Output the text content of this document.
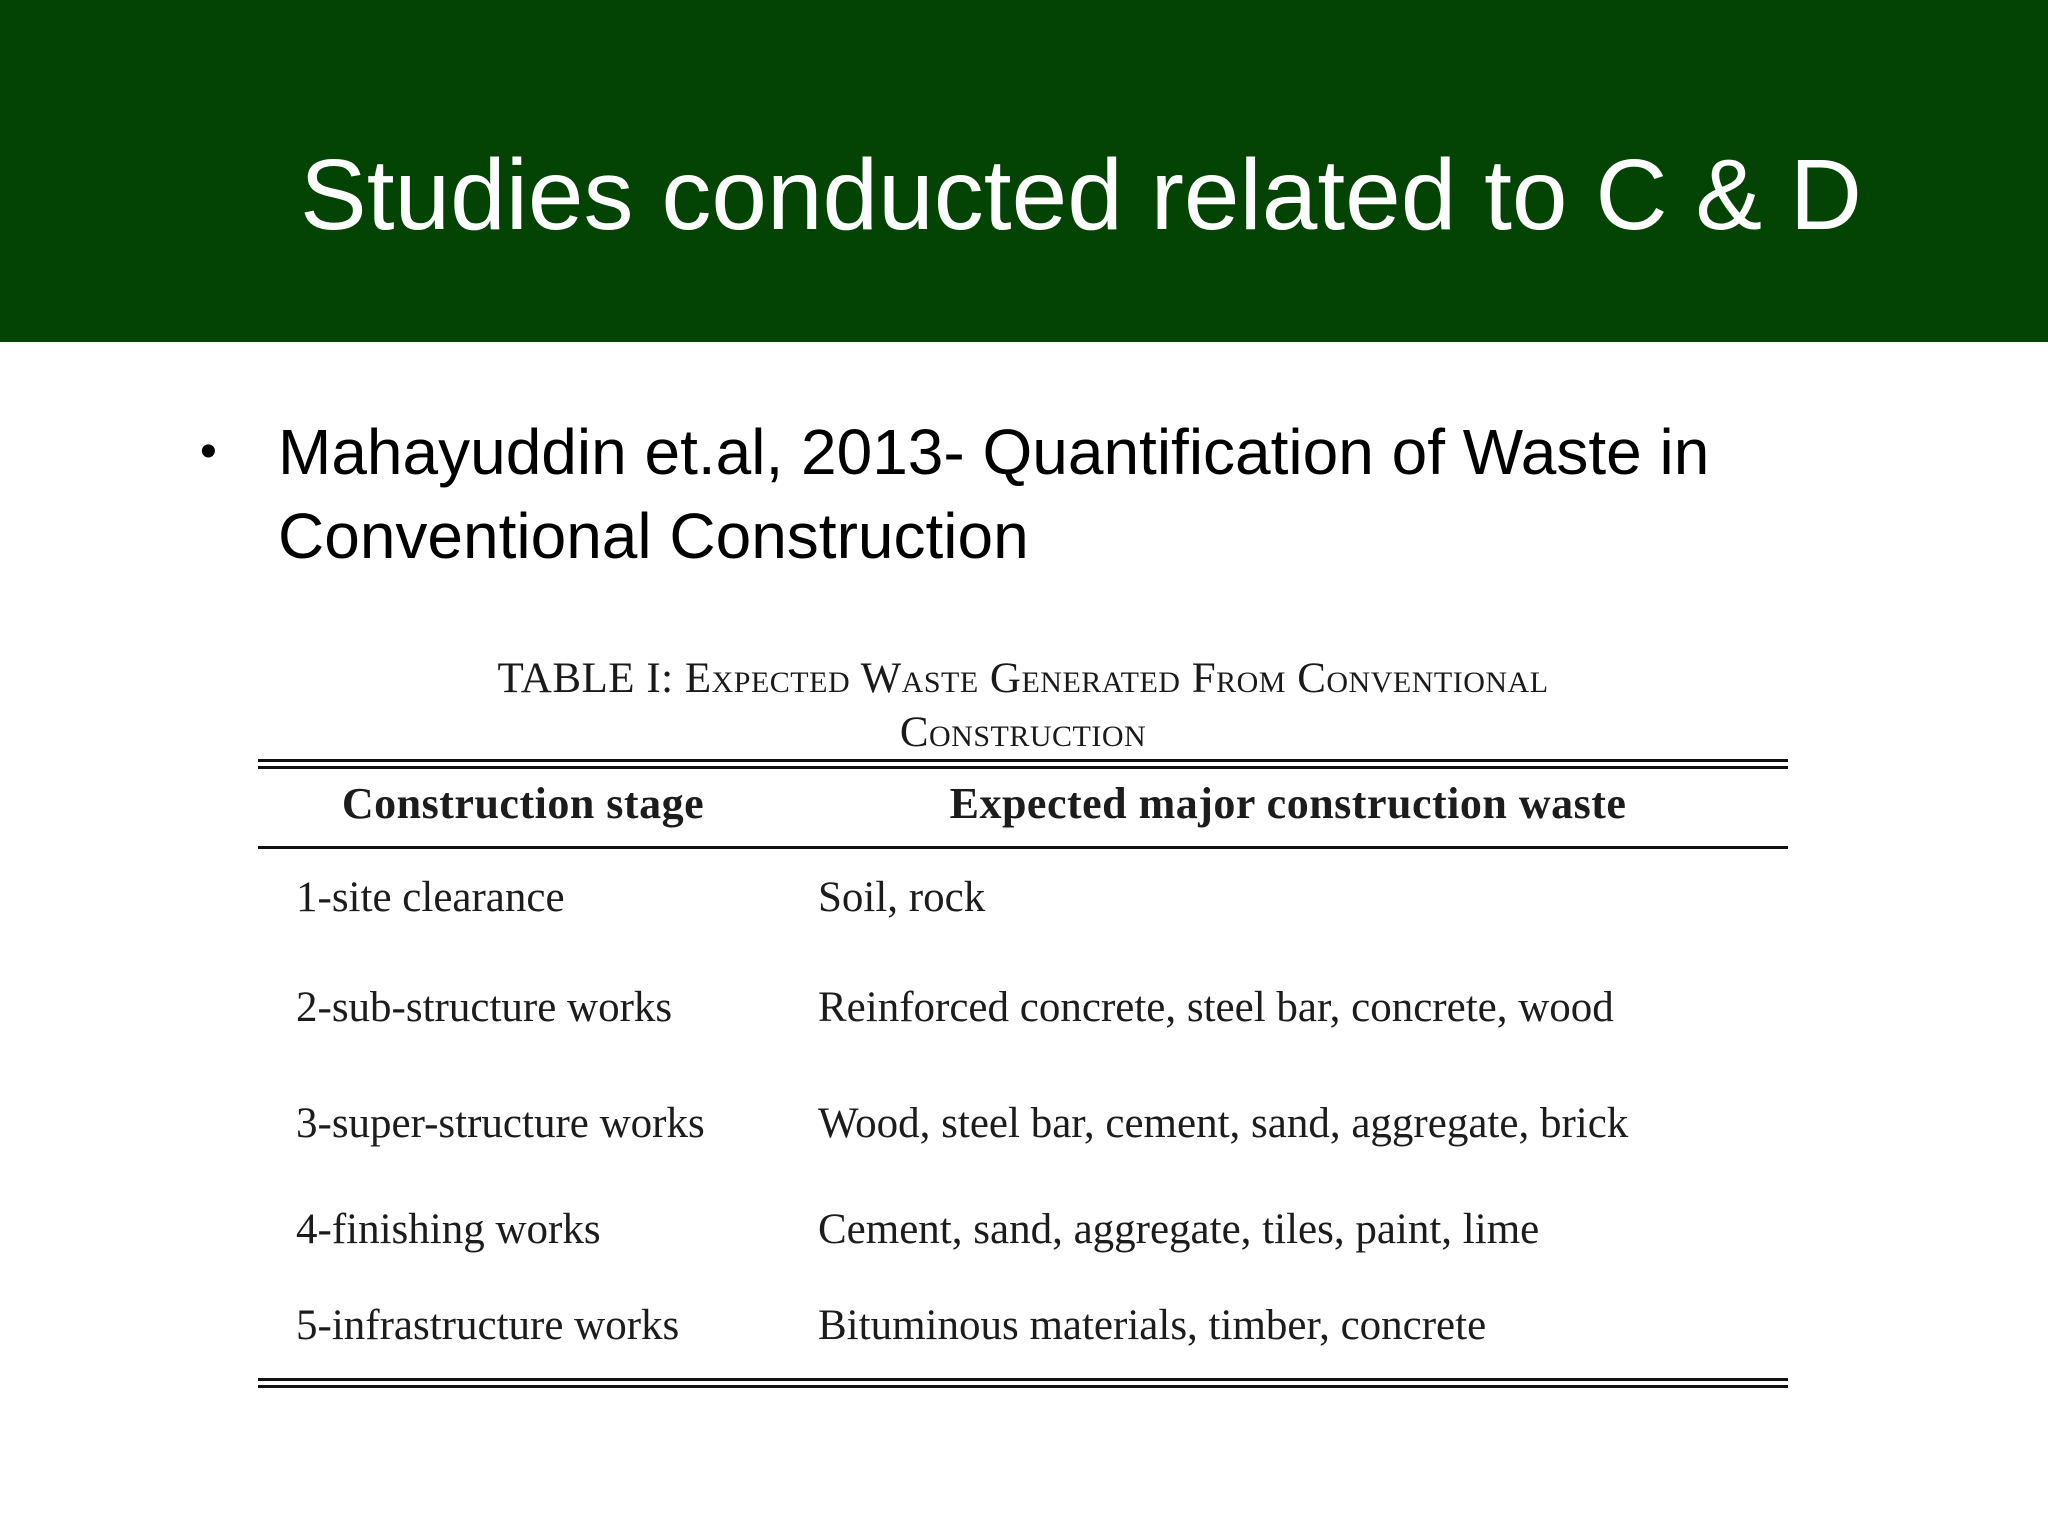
Studies conducted related to C & D
• Mahayuddin et.al, 2013- Quantification of Waste in Conventional Construction
TABLE I: Expected Waste Generated From Conventional
Construction
Construction stage	Expected major construction waste
1-site clearance	Soil, rock
2-sub-structure works	Reinforced concrete, steel bar, concrete, wood
3-super-structure works	Wood, steel bar, cement, sand, aggregate, brick
4-finishing works	Cement, sand, aggregate, tiles, paint, lime
5-infrastructure works	Bituminous materials, timber, concrete
